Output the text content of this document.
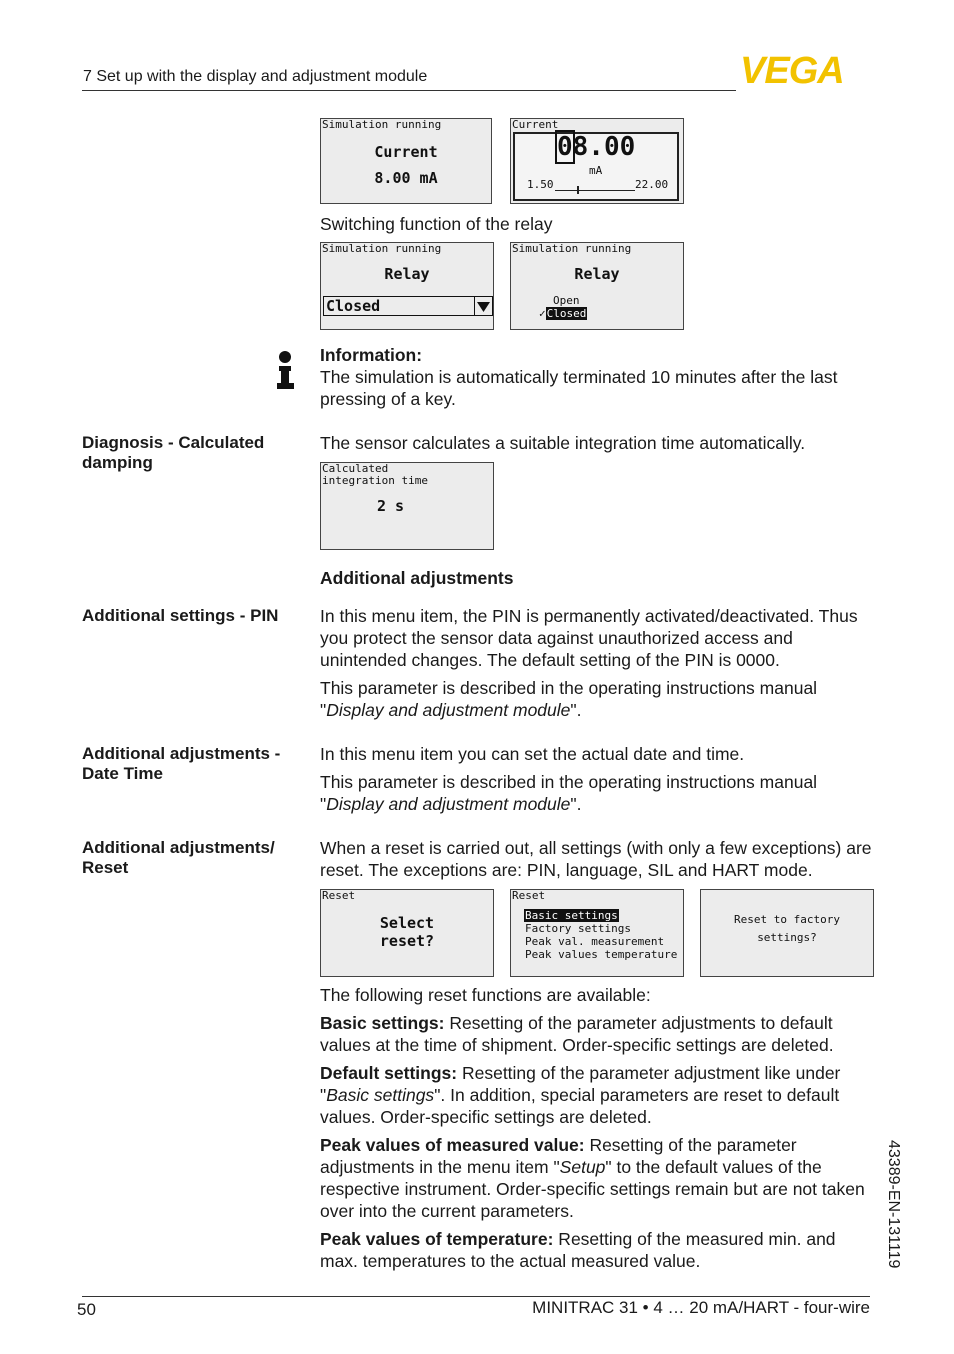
7 Set up with the display and adjustment module	VEGA
Simulation running
Current
8.00 mA
Current
08.00
mA
1.50	22.00
Switching function of the relay
Simulation running
Relay
Closed
Simulation running
Relay
Open
✓Closed
Information:
The simulation is automatically terminated 10 minutes after the last pressing of a key.
Diagnosis - Calculated damping
The sensor calculates a suitable integration time automatically.
Calculated
integration time
2 s
Additional adjustments
Additional settings - PIN	In this menu item, the PIN is permanently activated/deactivated. Thus you protect the sensor data against unauthorized access and unintended changes. The default setting of the PIN is 0000.
This parameter is described in the operating instructions manual "Display and adjustment module".
Additional adjustments - Date Time
In this menu item you can set the actual date and time.
This parameter is described in the operating instructions manual "Display and adjustment module".
Additional adjustments/ Reset
When a reset is carried out, all settings (with only a few exceptions) are reset. The exceptions are: PIN, language, SIL and HART mode.
Reset
Select
reset?
Reset
Basic settings
Factory settings
Peak val. measurement
Peak values temperature
Reset to factory
settings?
The following reset functions are available:
Basic settings: Resetting of the parameter adjustments to default values at the time of shipment. Order-specific settings are deleted.
Default settings: Resetting of the parameter adjustment like under "Basic settings". In addition, special parameters are reset to default values. Order-specific settings are deleted.
Peak values of measured value: Resetting of the parameter adjustments in the menu item "Setup" to the default values of the respective instrument. Order-specific settings remain but are not taken over into the current parameters.
Peak values of temperature: Resetting of the measured min. and max. temperatures to the actual measured value.	43389-EN-131119
50	MINITRAC 31 • 4 … 20 mA/HART - four-wire
